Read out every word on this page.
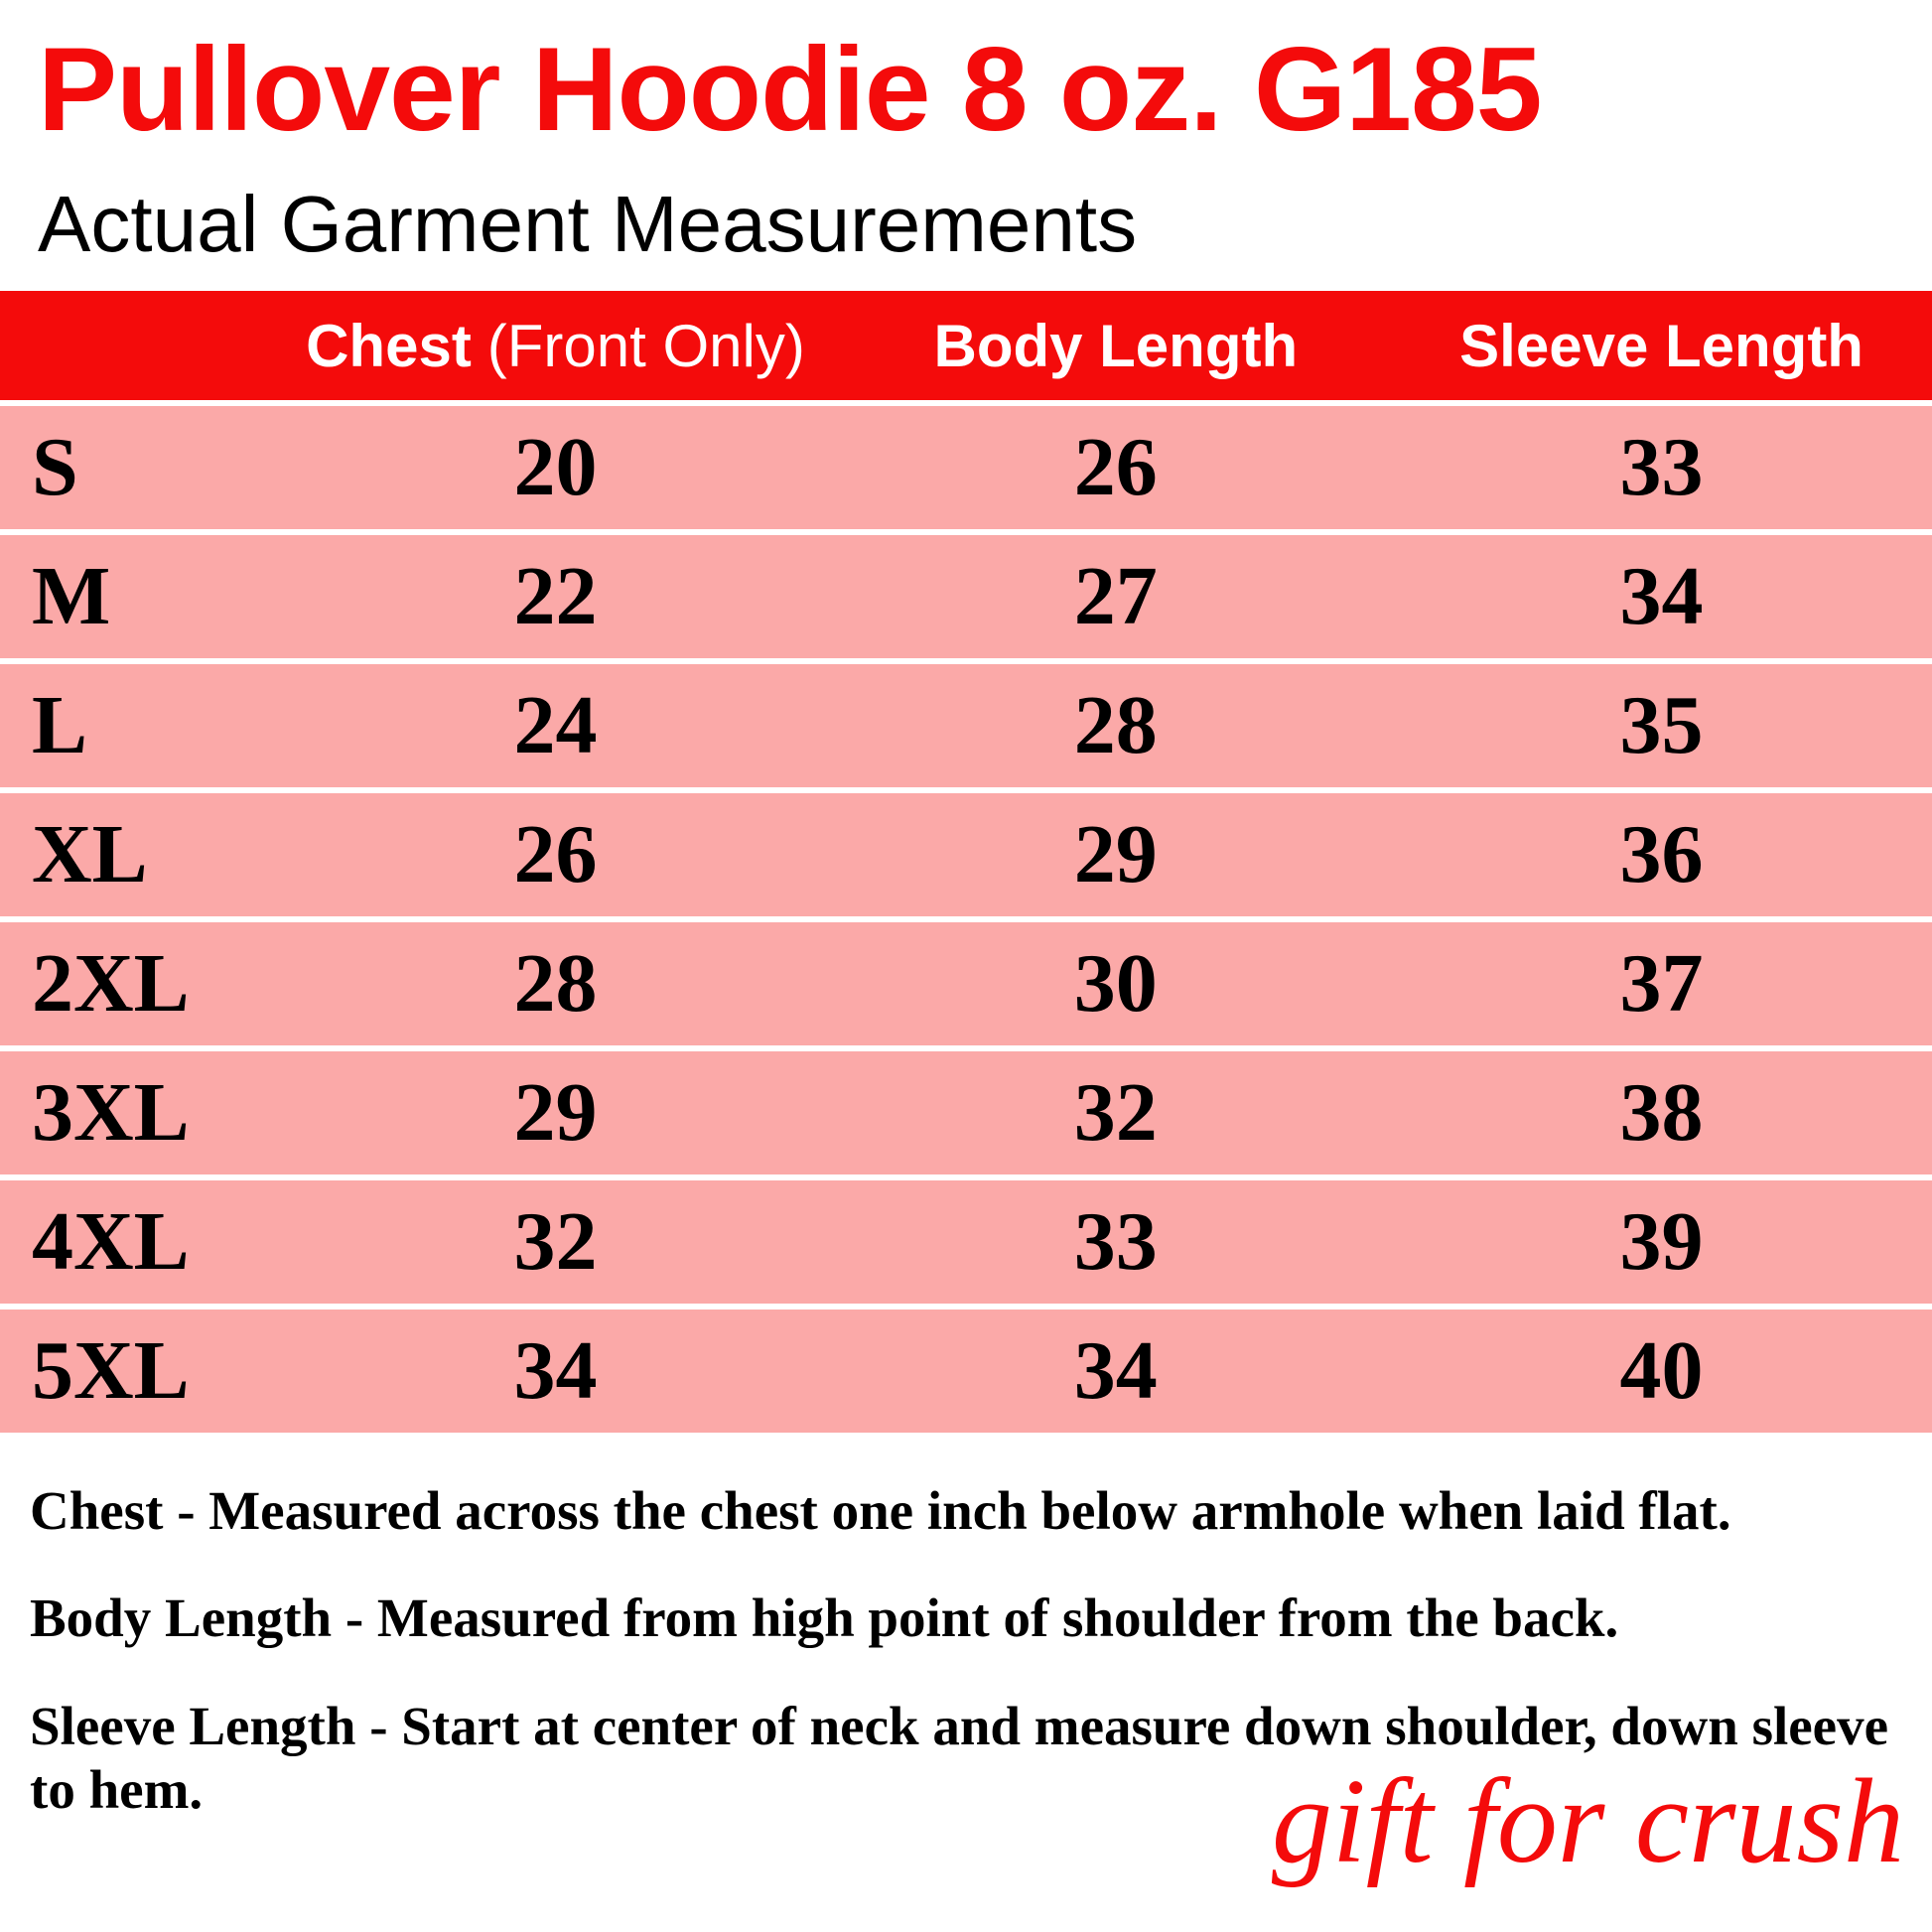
Pullover Hoodie 8 oz. G185
Actual Garment Measurements
	Chest (Front Only)	Body Length	Sleeve Length
S	20	26	33
M	22	27	34
L	24	28	35
XL	26	29	36
2XL	28	30	37
3XL	29	32	38
4XL	32	33	39
5XL	34	34	40

Chest - Measured across the chest one inch below armhole when laid flat.

Body Length - Measured from high point of shoulder from the back.

Sleeve Length - Start at center of neck and measure down shoulder, down sleeve to hem.	gift for crush
